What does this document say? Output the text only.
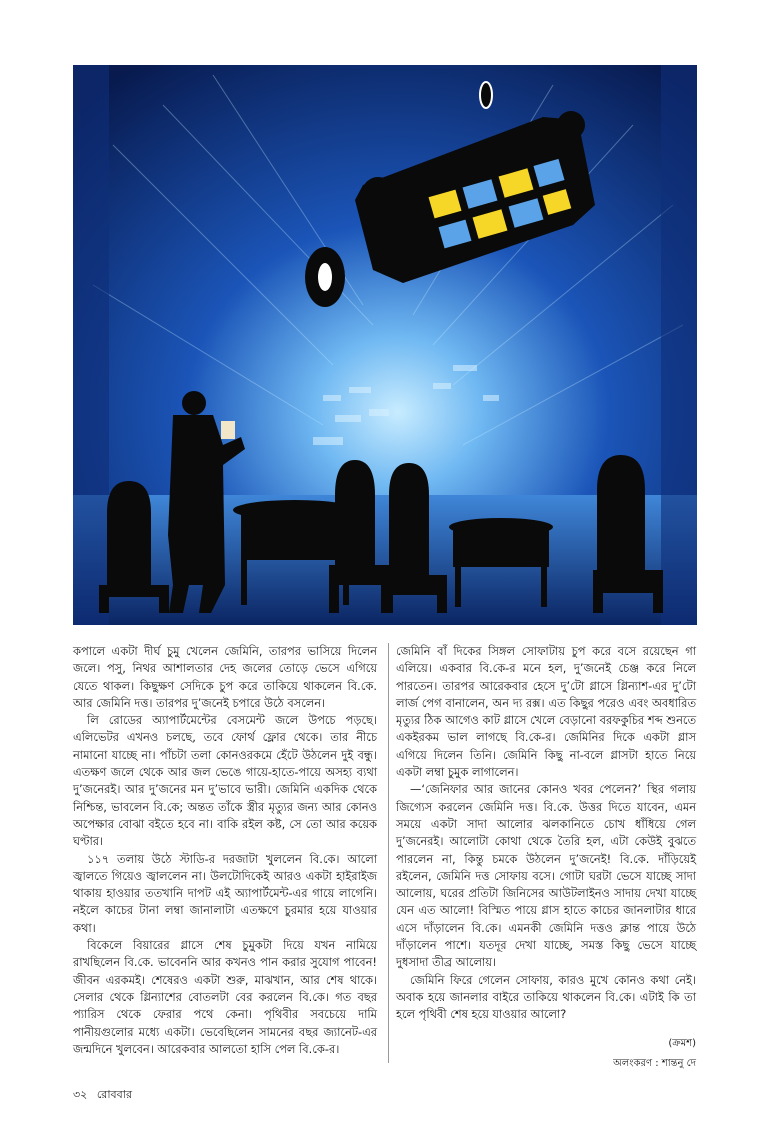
কপালে একটা দীর্ঘ চুমু খেলেন জেমিনি, তারপর ভাসিয়ে দিলেন জলে। পসু, নিথর আশালতার দেহ জলের তোড়ে ভেসে এগিয়ে যেতে থাকল। কিছুক্ষণ সেদিকে চুপ করে তাকিয়ে থাকলেন বি.কে. আর জেমিনি দত্ত। তারপর দু’জনেই চপারে উঠে বসলেন।

লি রোডের অ্যাপার্টমেন্টের বেসমেন্ট জলে উপচে পড়ছে। এলিভেটর এখনও চলছে, তবে ফোর্থ ফ্লোর থেকে। তার নীচে নামানো যাচ্ছে না। পাঁচটা তলা কোনওরকমে হেঁটে উঠলেন দুই বন্ধু। এতক্ষণ জলে থেকে আর জল ভেঙে গায়ে-হাতে-পায়ে অসহ্য ব্যথা দু’জনেরই। আর দু’জনের মন দু’ভাবে ভারী। জেমিনি একদিক থেকে নিশ্চিন্ত, ভাবলেন বি.কে; অন্তত তাঁকে স্ত্রীর মৃত্যুর জন্য আর কোনও অপেক্ষার বোঝা বইতে হবে না। বাকি রইল কষ্ট, সে তো আর কয়েক ঘণ্টার।

১১৭ তলায় উঠে স্টাডি-র দরজাটা খুললেন বি.কে। আলো জ্বালতে গিয়েও জ্বাললেন না। উলটোদিকেই আরও একটা হাইরাইজ থাকায় হাওয়ার ততখানি দাপট এই অ্যাপার্টমেন্ট-এর গায়ে লাগেনি। নইলে কাচের টানা লম্বা জানালাটা এতক্ষণে চুরমার হয়ে যাওয়ার কথা।

বিকেলে বিয়ারের গ্লাসে শেষ চুমুকটা দিয়ে যখন নামিয়ে রাখছিলেন বি.কে. ভাবেননি আর কখনও পান করার সুযোগ পাবেন! জীবন এরকমই। শেষেরও একটা শুরু, মাঝখান, আর শেষ থাকে। সেলার থেকে গ্লিন্যাশের বোতলটা বের করলেন বি.কে। গত বছর প্যারিস থেকে ফেরার পথে কেনা। পৃথিবীর সবচেয়ে দামি পানীয়গুলোর মধ্যে একটা। ভেবেছিলেন সামনের বছর জ্যানেট-এর জন্মদিনে খুলবেন। আরেকবার আলতো হাসি পেল বি.কে-র।

জেমিনি বাঁ দিকের সিঙ্গল সোফাটায় চুপ করে বসে রয়েছেন গা এলিয়ে। একবার বি.কে-র মনে হল, দু’জনেই চেঞ্জ করে নিলে পারতেন। তারপর আরেকবার হেসে দু’টো গ্লাসে গ্লিন্যাশ-এর দু’টো লার্জ পেগ বানালেন, অন দ্য রক্স। এত কিছুর পরেও এবং অবধারিত মৃত্যুর ঠিক আগেও কাট গ্লাসে খেলে বেড়ানো বরফকুচির শব্দ শুনতে একইরকম ভাল লাগছে বি.কে-র। জেমিনির দিকে একটা গ্লাস এগিয়ে দিলেন তিনি। জেমিনি কিছু না-বলে গ্লাসটা হাতে নিয়ে একটা লম্বা চুমুক লাগালেন।

—‘জেনিফার আর জানের কোনও খবর পেলেন?’ স্থির গলায় জিগ্যেস করলেন জেমিনি দত্ত। বি.কে. উত্তর দিতে যাবেন, এমন সময়ে একটা সাদা আলোর ঝলকানিতে চোখ ধাঁধিয়ে গেল দু’জনেরই। আলোটা কোথা থেকে তৈরি হল, এটা কেউই বুঝতে পারলেন না, কিন্তু চমকে উঠলেন দু’জনেই! বি.কে. দাঁড়িয়েই রইলেন, জেমিনি দত্ত সোফায় বসে। গোটা ঘরটা ভেসে যাচ্ছে সাদা আলোয়, ঘরের প্রতিটা জিনিসের আউটলাইনও সাদায় দেখা যাচ্ছে যেন এত আলো! বিস্মিত পায়ে গ্লাস হাতে কাচের জানলাটার ধারে এসে দাঁড়ালেন বি.কে। এমনকী জেমিনি দত্তও ক্লান্ত পায়ে উঠে দাঁড়ালেন পাশে। যতদূর দেখা যাচ্ছে, সমস্ত কিছু ভেসে যাচ্ছে দুধসাদা তীব্র আলোয়।

জেমিনি ফিরে গেলেন সোফায়, কারও মুখে কোনও কথা নেই। অবাক হয়ে জানলার বাইরে তাকিয়ে থাকলেন বি.কে। এটাই কি তা হলে পৃথিবী শেষ হয়ে যাওয়ার আলো?

(ক্রমশ)
অলংকরণ : শান্তনু দে
৩২ রোববার
